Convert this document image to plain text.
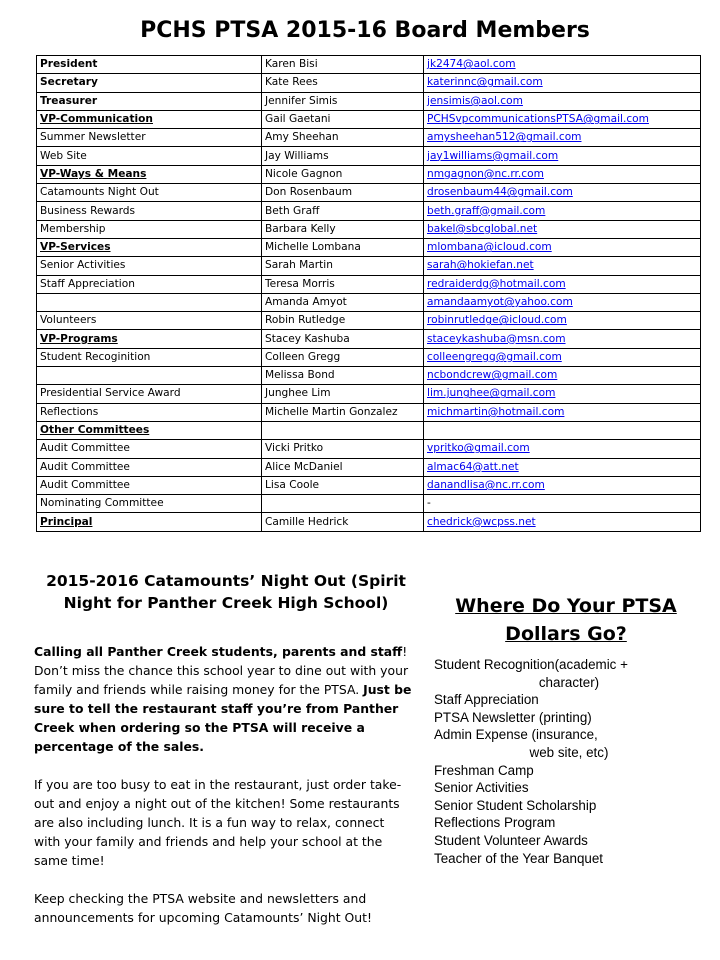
PCHS PTSA 2015-16 Board Members
President	Karen Bisi	jk2474@aol.com
Secretary	Kate Rees	katerinnc@gmail.com
Treasurer	Jennifer Simis	jensimis@aol.com
VP-Communication	Gail Gaetani	PCHSvpcommunicationsPTSA@gmail.com
Summer Newsletter	Amy Sheehan	amysheehan512@gmail.com
Web Site	Jay Williams	jay1williams@gmail.com
VP-Ways & Means	Nicole Gagnon	nmgagnon@nc.rr.com
Catamounts Night Out	Don Rosenbaum	drosenbaum44@gmail.com
Business Rewards	Beth Graff	beth.graff@gmail.com
Membership	Barbara Kelly	bakel@sbcglobal.net
VP-Services	Michelle Lombana	mlombana@icloud.com
Senior Activities	Sarah Martin	sarah@hokiefan.net
Staff Appreciation	Teresa Morris	redraiderdg@hotmail.com
	Amanda Amyot	amandaamyot@yahoo.com
Volunteers	Robin Rutledge	robinrutledge@icloud.com
VP-Programs	Stacey Kashuba	staceykashuba@msn.com
Student Recoginition	Colleen Gregg	colleengregg@gmail.com
	Melissa Bond	ncbondcrew@gmail.com
Presidential Service Award	Junghee Lim	lim.junghee@gmail.com
Reflections	Michelle Martin Gonzalez	michmartin@hotmail.com
Other Committees		
Audit Committee	Vicki Pritko	vpritko@gmail.com
Audit Committee	Alice McDaniel	almac64@att.net
Audit Committee	Lisa Coole	danandlisa@nc.rr.com
Nominating Committee		-
Principal	Camille Hedrick	chedrick@wcpss.net
2015-2016 Catamounts’ Night Out (Spirit Night for Panther Creek High School)

Calling all Panther Creek students, parents and staff! Don’t miss the chance this school year to dine out with your family and friends while raising money for the PTSA. Just be sure to tell the restaurant staff you’re from Panther Creek when ordering so the PTSA will receive a percentage of the sales.

If you are too busy to eat in the restaurant, just order take-out and enjoy a night out of the kitchen! Some restaurants are also including lunch. It is a fun way to relax, connect with your family and friends and help your school at the same time!

Keep checking the PTSA website and newsletters and announcements for upcoming Catamounts’ Night Out!

Where Do Your PTSA Dollars Go?
Student Recognition(academic +
character)
Staff Appreciation
PTSA Newsletter (printing)
Admin Expense (insurance,
web site, etc)
Freshman Camp
Senior Activities
Senior Student Scholarship
Reflections Program
Student Volunteer Awards
Teacher of the Year Banquet
